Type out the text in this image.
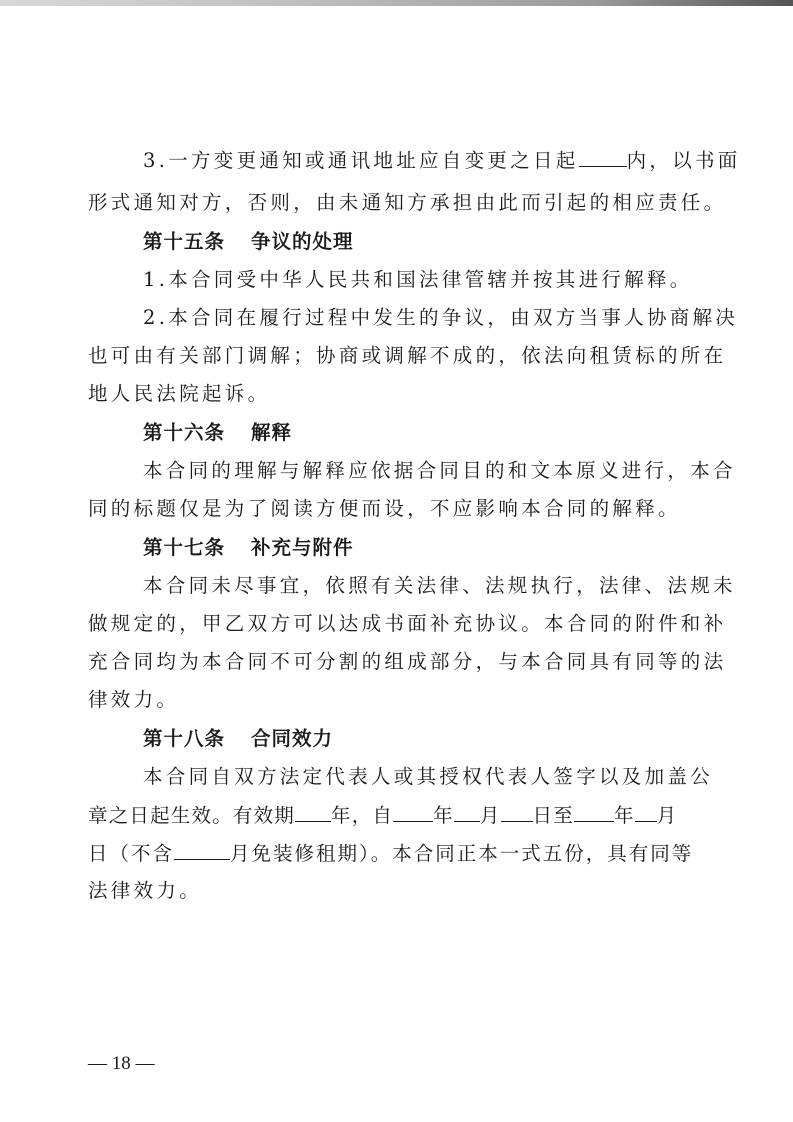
3.一方变更通知或通讯地址应自变更之日起 内，以书面
形式通知对方，否则，由未通知方承担由此而引起的相应责任。
第十五条 争议的处理
1.本合同受中华人民共和国法律管辖并按其进行解释。
2.本合同在履行过程中发生的争议，由双方当事人协商解决
也可由有关部门调解；协商或调解不成的，依法向租赁标的所在
地人民法院起诉。
第十六条 解释
本合同的理解与解释应依据合同目的和文本原义进行，本合
同的标题仅是为了阅读方便而设，不应影响本合同的解释。
第十七条 补充与附件
本合同未尽事宜，依照有关法律、法规执行，法律、法规未
做规定的，甲乙双方可以达成书面补充协议。本合同的附件和补
充合同均为本合同不可分割的组成部分，与本合同具有同等的法
律效力。
第十八条 合同效力
本合同自双方法定代表人或其授权代表人签字以及加盖公
章之日起生效。有效期 年，自 年 月 日至 年 月
日（不含	月免装修租期）。本合同正本一式五份，具有同等
法律效力。
— 18 —
